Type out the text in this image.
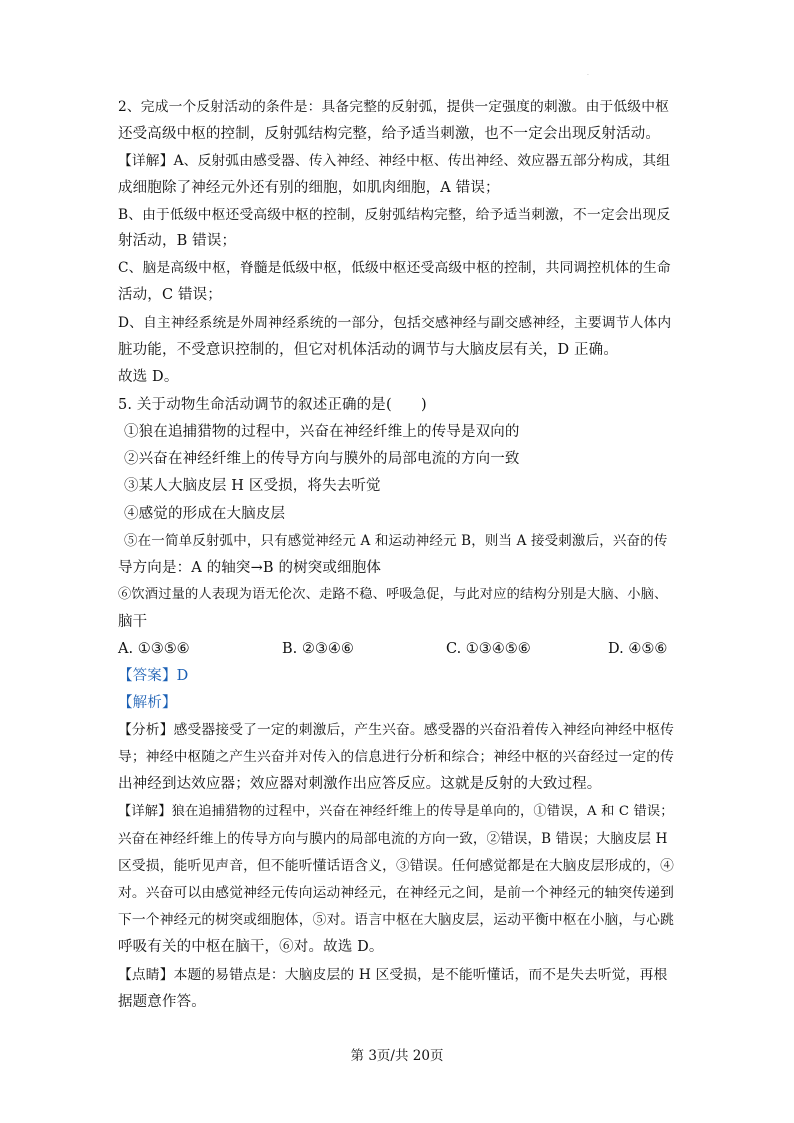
·
2、完成一个反射活动的条件是：具备完整的反射弧，提供一定强度的刺激。由于低级中枢
还受高级中枢的控制，反射弧结构完整，给予适当刺激，也不一定会出现反射活动。
【详解】A、反射弧由感受器、传入神经、神经中枢、传出神经、效应器五部分构成，其组
成细胞除了神经元外还有别的细胞，如肌肉细胞，A 错误；
B、由于低级中枢还受高级中枢的控制，反射弧结构完整，给予适当刺激，不一定会出现反
射活动，B 错误；
C、脑是高级中枢，脊髓是低级中枢，低级中枢还受高级中枢的控制，共同调控机体的生命
活动，C 错误；
D、自主神经系统是外周神经系统的一部分，包括交感神经与副交感神经，主要调节人体内
脏功能，不受意识控制的，但它对机体活动的调节与大脑皮层有关，D 正确。
故选 D。
5. 关于动物生命活动调节的叙述正确的是(　　)
①狼在追捕猎物的过程中，兴奋在神经纤维上的传导是双向的
②兴奋在神经纤维上的传导方向与膜外的局部电流的方向一致
③某人大脑皮层 H 区受损，将失去听觉
④感觉的形成在大脑皮层
⑤在一简单反射弧中，只有感觉神经元 A 和运动神经元 B，则当 A 接受刺激后，兴奋的传
导方向是：A 的轴突→B 的树突或细胞体
⑥饮酒过量的人表现为语无伦次、走路不稳、呼吸急促，与此对应的结构分别是大脑、小脑、
脑干
A. ①③⑤⑥	B. ②③④⑥	C. ①③④⑤⑥	D. ④⑤⑥
【答案】D
【解析】
【分析】感受器接受了一定的刺激后，产生兴奋。感受器的兴奋沿着传入神经向神经中枢传
导；神经中枢随之产生兴奋并对传入的信息进行分析和综合；神经中枢的兴奋经过一定的传
出神经到达效应器；效应器对刺激作出应答反应。这就是反射的大致过程。
【详解】狼在追捕猎物的过程中，兴奋在神经纤维上的传导是单向的，①错误，A 和 C 错误；
兴奋在神经纤维上的传导方向与膜内的局部电流的方向一致，②错误，B 错误；大脑皮层 H
区受损，能听见声音，但不能听懂话语含义，③错误。任何感觉都是在大脑皮层形成的，④
对。兴奋可以由感觉神经元传向运动神经元，在神经元之间，是前一个神经元的轴突传递到
下一个神经元的树突或细胞体，⑤对。语言中枢在大脑皮层，运动平衡中枢在小脑，与心跳
呼吸有关的中枢在脑干，⑥对。故选 D。
【点睛】本题的易错点是：大脑皮层的 H 区受损，是不能听懂话，而不是失去听觉，再根
据题意作答。
第 3页/共 20页
